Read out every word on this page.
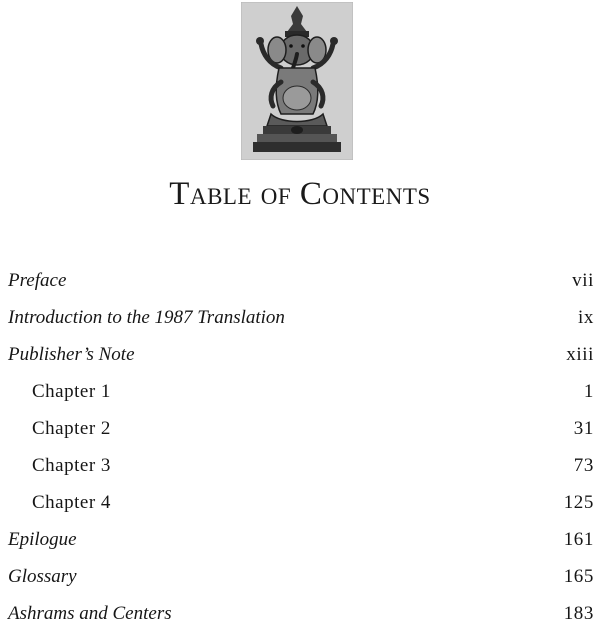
Table of Contents
Preface	vii
Introduction to the 1987 Translation	ix
Publisher’s Note	xiii
Chapter 1	1
Chapter 2	31
Chapter 3	73
Chapter 4	125
Epilogue	161
Glossary	165
Ashrams and Centers	183
